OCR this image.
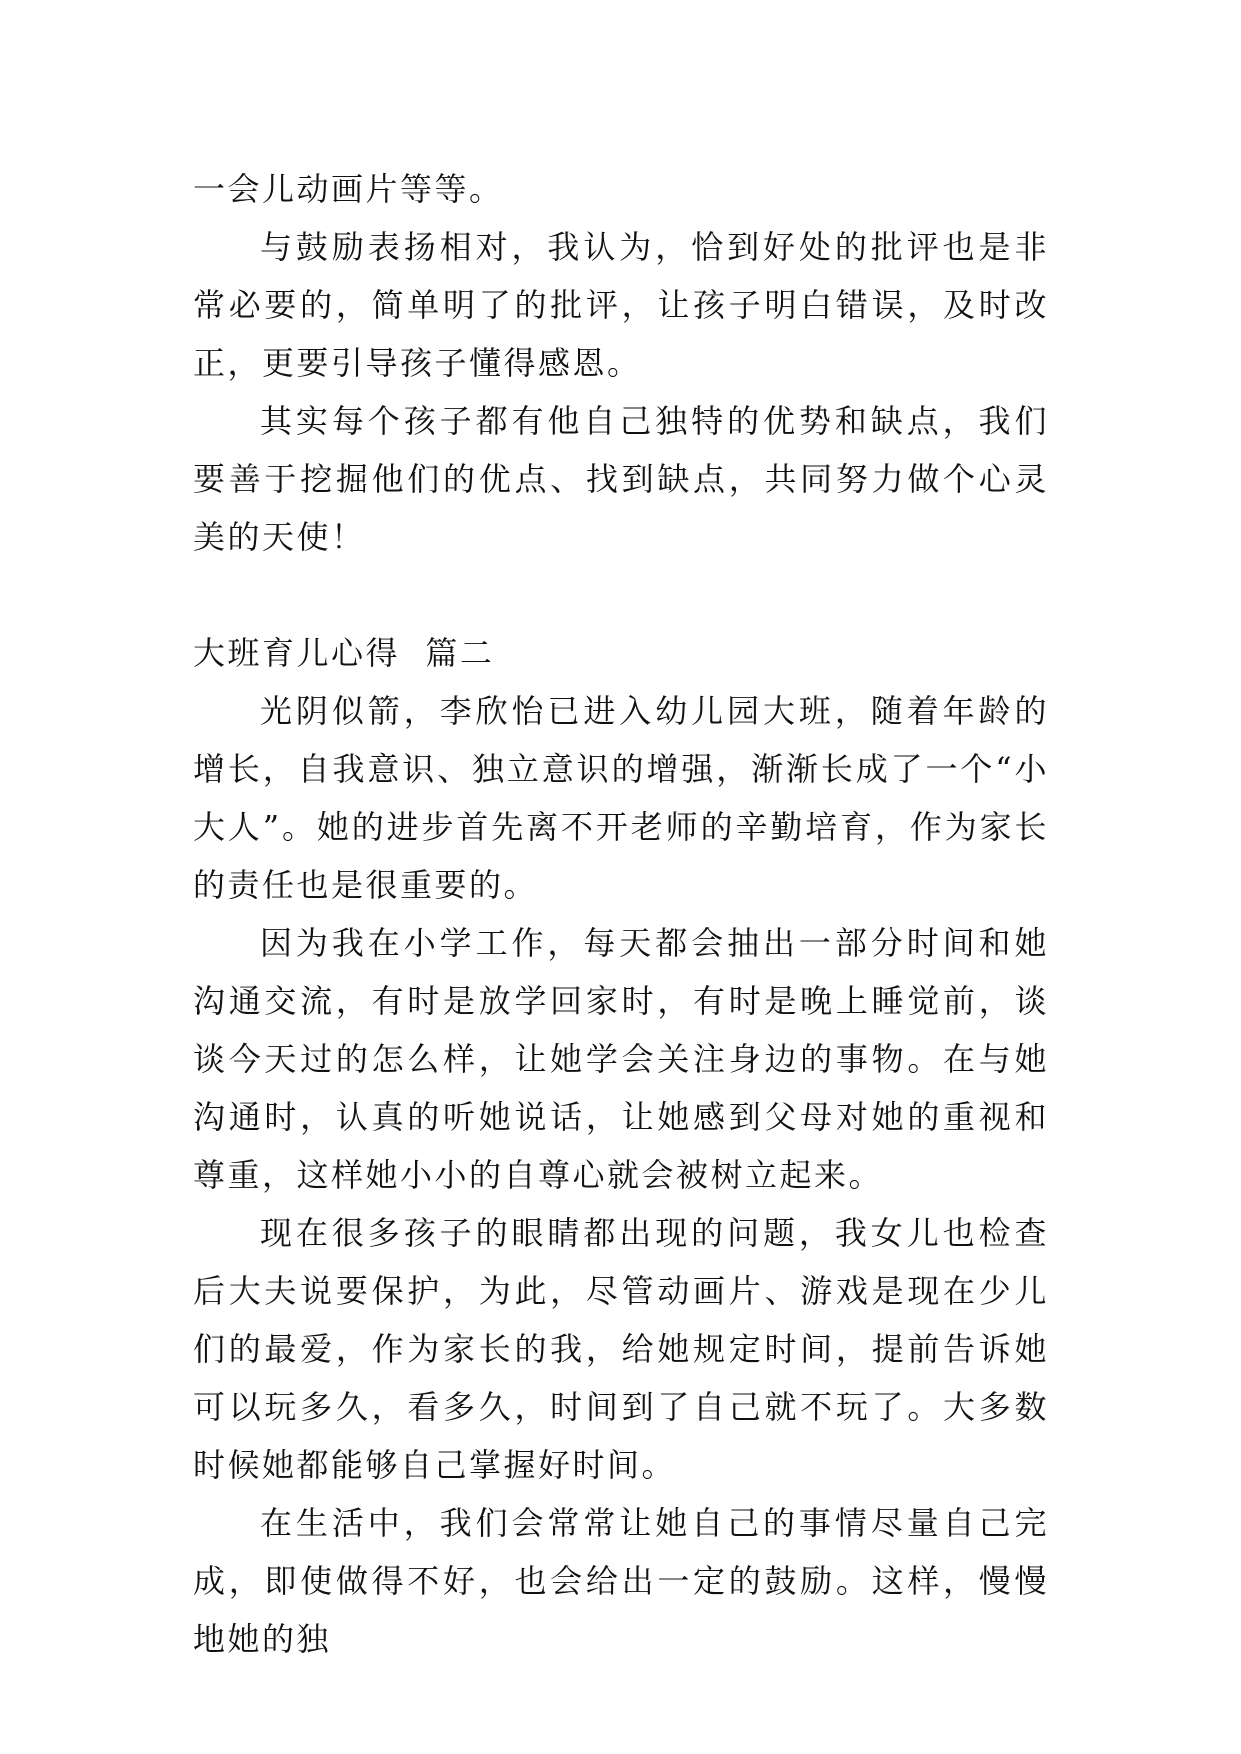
一会儿动画片等等。

与鼓励表扬相对，我认为，恰到好处的批评也是非常必要的，简单明了的批评，让孩子明白错误，及时改正，更要引导孩子懂得感恩。

其实每个孩子都有他自己独特的优势和缺点，我们要善于挖掘他们的优点、找到缺点，共同努力做个心灵美的天使！

大班育儿心得  篇二

光阴似箭，李欣怡已进入幼儿园大班，随着年龄的增长，自我意识、独立意识的增强，渐渐长成了一个“小大人”。她的进步首先离不开老师的辛勤培育，作为家长的责任也是很重要的。

因为我在小学工作，每天都会抽出一部分时间和她沟通交流，有时是放学回家时，有时是晚上睡觉前，谈谈今天过的怎么样，让她学会关注身边的事物。在与她沟通时，认真的听她说话，让她感到父母对她的重视和尊重，这样她小小的自尊心就会被树立起来。

现在很多孩子的眼睛都出现的问题，我女儿也检查后大夫说要保护，为此，尽管动画片、游戏是现在少儿们的最爱，作为家长的我，给她规定时间，提前告诉她可以玩多久，看多久，时间到了自己就不玩了。大多数时候她都能够自己掌握好时间。

在生活中，我们会常常让她自己的事情尽量自己完成，即使做得不好，也会给出一定的鼓励。这样，慢慢地她的独
